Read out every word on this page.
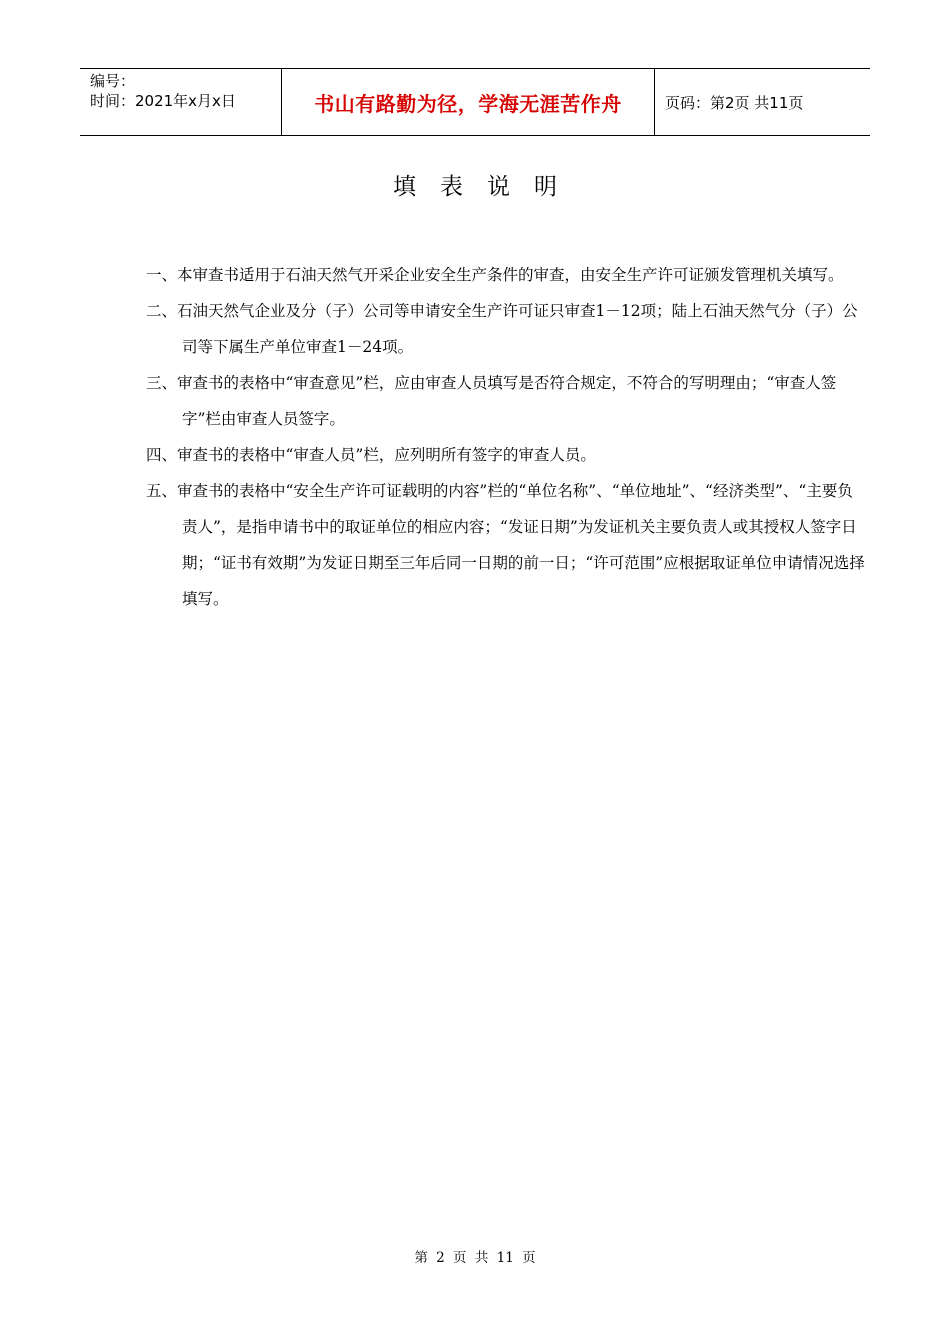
编号：
时间：2021年x月x日	书山有路勤为径，学海无涯苦作舟	页码：第2页 共11页
填表说明

一、本审查书适用于石油天然气开采企业安全生产条件的审查，由安全生产许可证颁发管理机关填写。

二、石油天然气企业及分（子）公司等申请安全生产许可证只审查1－12项；陆上石油天然气分（子）公司等下属生产单位审查1－24项。

三、审查书的表格中“审查意见”栏，应由审查人员填写是否符合规定，不符合的写明理由；“审查人签字”栏由审查人员签字。

四、审查书的表格中“审查人员”栏，应列明所有签字的审查人员。

五、审查书的表格中“安全生产许可证载明的内容”栏的“单位名称”、“单位地址”、“经济类型”、“主要负责人”，是指申请书中的取证单位的相应内容；“发证日期”为发证机关主要负责人或其授权人签字日期；“证书有效期”为发证日期至三年后同一日期的前一日；“许可范围”应根据取证单位申请情况选择填写。

第 2 页 共 11 页
